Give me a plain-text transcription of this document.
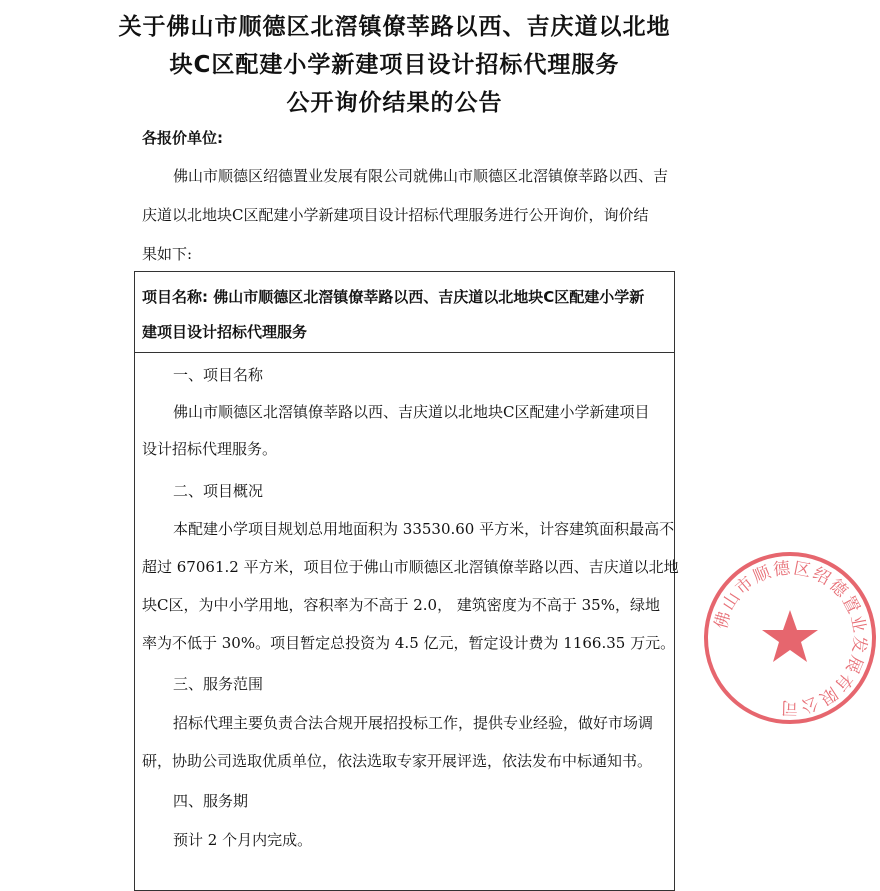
关于佛山市顺德区北滘镇僚莘路以西、吉庆道以北地
块C区配建小学新建项目设计招标代理服务
公开询价结果的公告
各报价单位:
佛山市顺德区绍德置业发展有限公司就佛山市顺德区北滘镇僚莘路以西、吉
庆道以北地块C区配建小学新建项目设计招标代理服务进行公开询价，询价结
果如下:
项目名称: 佛山市顺德区北滘镇僚莘路以西、吉庆道以北地块C区配建小学新
建项目设计招标代理服务
一、项目名称
佛山市顺德区北滘镇僚莘路以西、吉庆道以北地块C区配建小学新建项目
设计招标代理服务。
二、项目概况
本配建小学项目规划总用地面积为 33530.60 平方米，计容建筑面积最高不
超过 67061.2 平方米，项目位于佛山市顺德区北滘镇僚莘路以西、吉庆道以北地
块C区，为中小学用地，容积率为不高于 2.0， 建筑密度为不高于 35%，绿地
率为不低于 30%。项目暂定总投资为 4.5 亿元，暂定设计费为 1166.35 万元。
三、服务范围
招标代理主要负责合法合规开展招投标工作，提供专业经验，做好市场调
研，协助公司选取优质单位，依法选取专家开展评选，依法发布中标通知书。
四、服务期
预计 2 个月内完成。
佛山市顺德区绍德置业发展有限公司
